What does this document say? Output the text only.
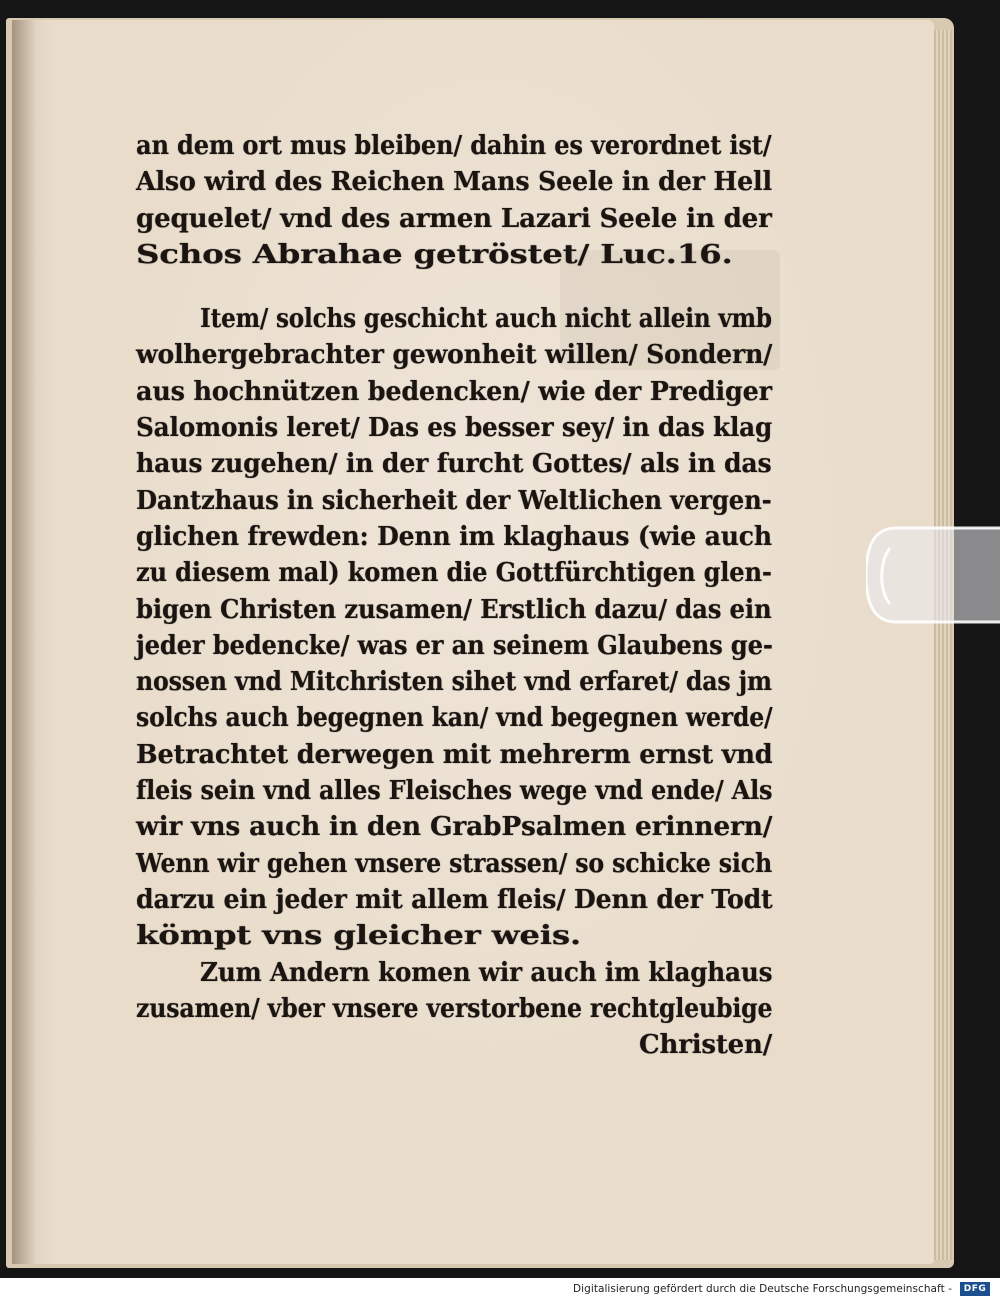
an dem ort mus bleiben/ dahin es verordnet ist/
Also wird des Reichen Mans Seele in der Hell
gequelet/ vnd des armen Lazari Seele in der
Schos Abrahae getröstet/ Luc.16.
Item/ solchs geschicht auch nicht allein vmb
wolhergebrachter gewonheit willen/ Sondern/
aus hochnützen bedencken/ wie der Prediger
Salomonis leret/ Das es besser sey/ in das klag
haus zugehen/ in der furcht Gottes/ als in das
Dantzhaus in sicherheit der Weltlichen vergen-
glichen frewden: Denn im klaghaus (wie auch
zu diesem mal) komen die Gottfürchtigen glen-
bigen Christen zusamen/ Erstlich dazu/ das ein
jeder bedencke/ was er an seinem Glaubens ge-
nossen vnd Mitchristen sihet vnd erfaret/ das jm
solchs auch begegnen kan/ vnd begegnen werde/
Betrachtet derwegen mit mehrerm ernst vnd
fleis sein vnd alles Fleisches wege vnd ende/ Als
wir vns auch in den GrabPsalmen erinnern/
Wenn wir gehen vnsere strassen/ so schicke sich
darzu ein jeder mit allem fleis/ Denn der Todt
kömpt vns gleicher weis.
Zum Andern komen wir auch im klaghaus
zusamen/ vber vnsere verstorbene rechtgleubige
Christen/
Digitalisierung gefördert durch die Deutsche Forschungsgemeinschaft -	DFG
